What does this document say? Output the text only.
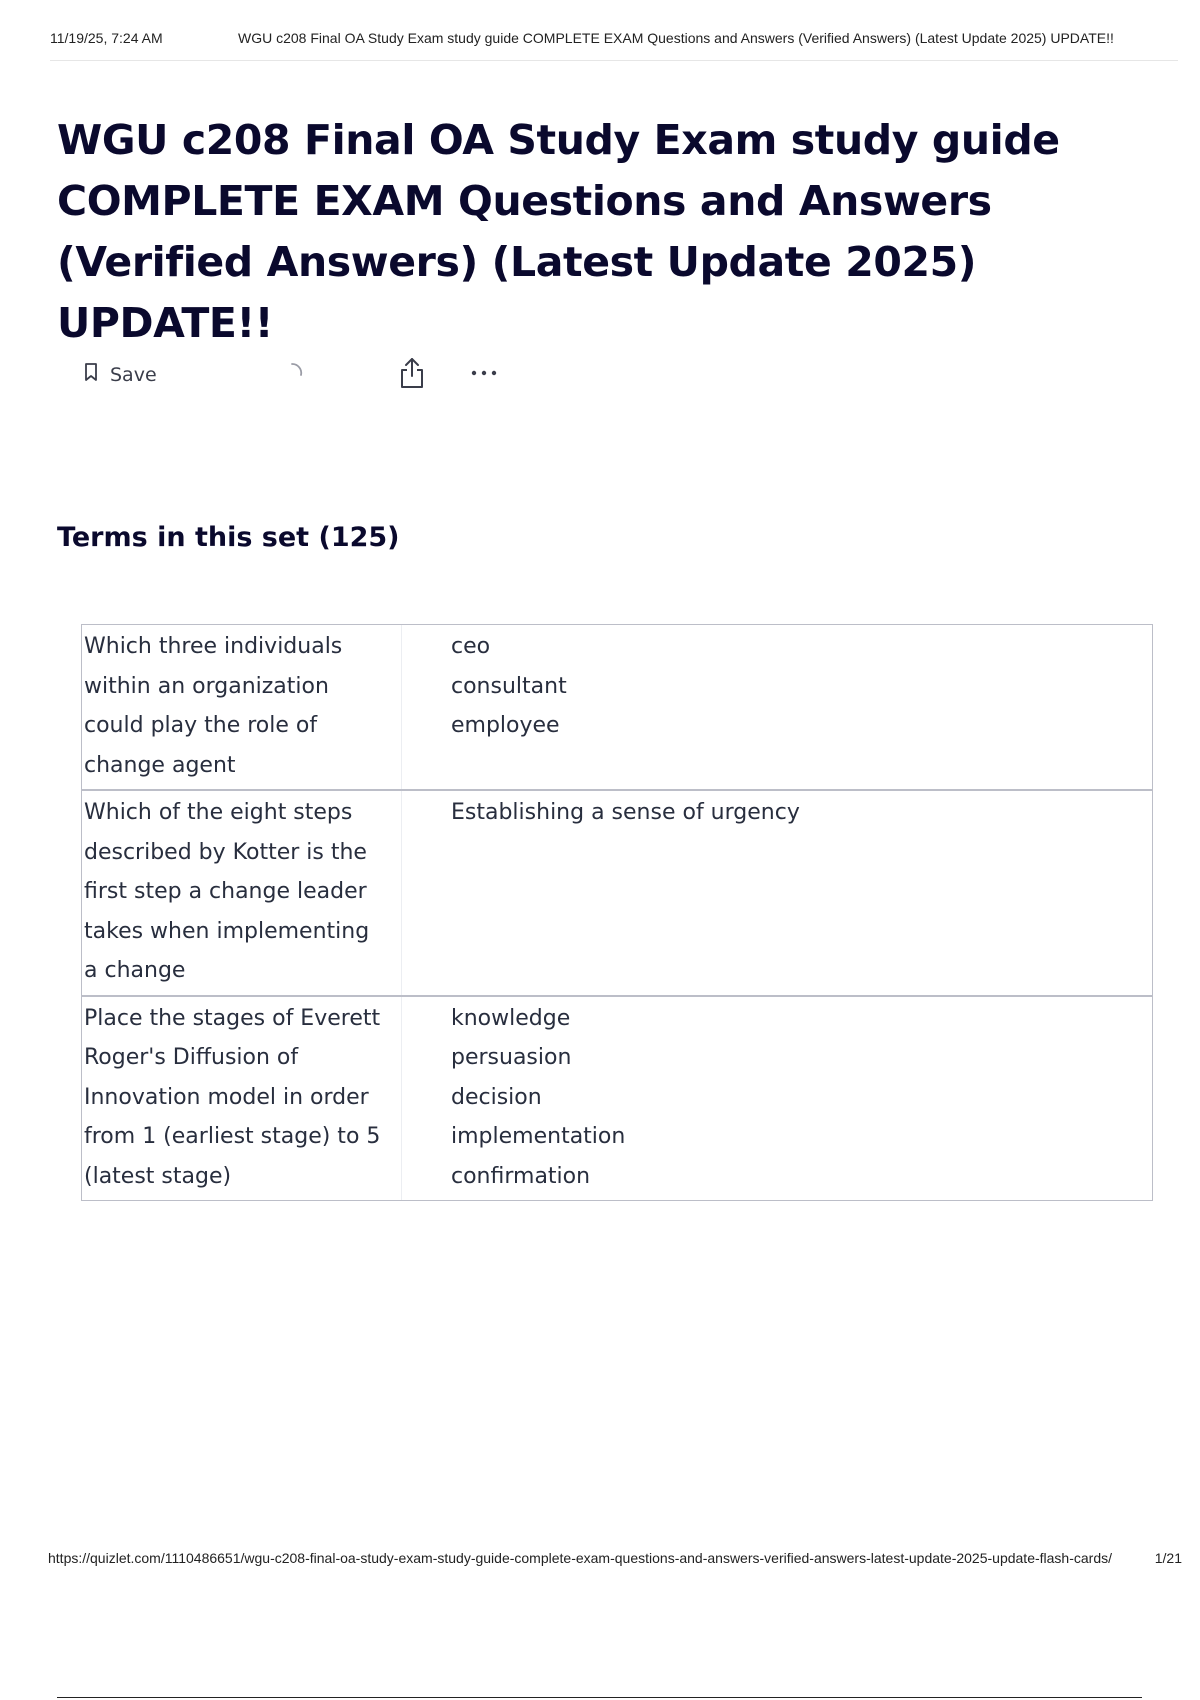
11/19/25, 7:24 AM	WGU c208 Final OA Study Exam study guide COMPLETE EXAM Questions and Answers (Verified Answers) (Latest Update 2025) UPDATE!!
WGU c208 Final OA Study Exam study guide COMPLETE EXAM Questions and Answers (Verified Answers) (Latest Update 2025) UPDATE!!
Save
Terms in this set (125)
Which three individuals
within an organization
could play the role of
change agent
ceo
consultant
employee
Which of the eight steps
described by Kotter is the
first step a change leader
takes when implementing
a change
Establishing a sense of urgency
Place the stages of Everett
Roger's Diffusion of
Innovation model in order
from 1 (earliest stage) to 5
(latest stage)
knowledge
persuasion
decision
implementation
confirmation
https://quizlet.com/1110486651/wgu-c208-final-oa-study-exam-study-guide-complete-exam-questions-and-answers-verified-answers-latest-update-2025-update-flash-cards/	1/21
